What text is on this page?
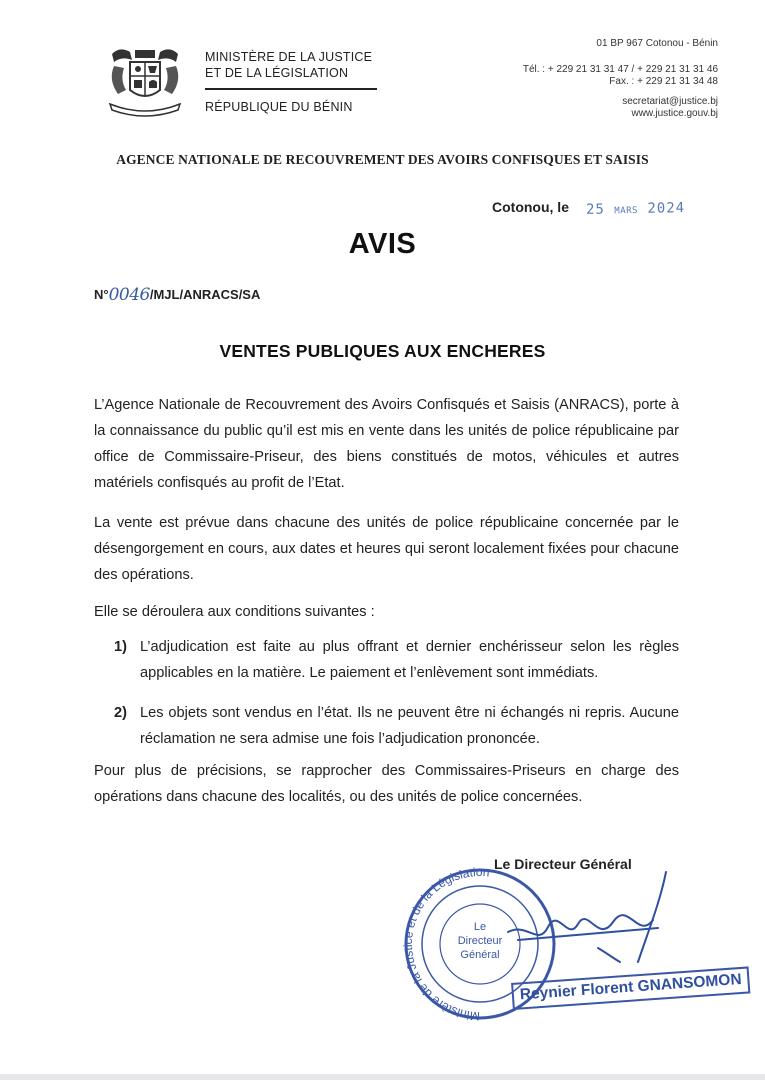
MINISTÈRE DE LA JUSTICE
ET DE LA LÉGISLATION
RÉPUBLIQUE DU BÉNIN
01 BP 967 Cotonou - Bénin
Tél. : + 229 21 31 31 47 / + 229 21 31 31 46
Fax. : + 229 21 31 34 48
secretariat@justice.bj
www.justice.gouv.bj
AGENCE NATIONALE DE RECOUVREMENT DES AVOIRS CONFISQUES ET SAISIS
Cotonou, le 25 MARS 2024
AVIS
N°0046/MJL/ANRACS/SA
VENTES PUBLIQUES AUX ENCHERES
L’Agence Nationale de Recouvrement des Avoirs Confisqués et Saisis (ANRACS), porte à la connaissance du public qu’il est mis en vente dans les unités de police républicaine par office de Commissaire-Priseur, des biens constitués de motos, véhicules et autres matériels confisqués au profit de l’Etat.
La vente est prévue dans chacune des unités de police républicaine concernée par le désengorgement en cours, aux dates et heures qui seront localement fixées pour chacune des opérations.
Elle se déroulera aux conditions suivantes :
1) L’adjudication est faite au plus offrant et dernier enchérisseur selon les règles applicables en la matière. Le paiement et l’enlèvement sont immédiats.
2) Les objets sont vendus en l’état. Ils ne peuvent être ni échangés ni repris. Aucune réclamation ne sera admise une fois l’adjudication prononcée.
Pour plus de précisions, se rapprocher des Commissaires-Priseurs en charge des opérations dans chacune des localités, ou des unités de police concernées.
Le Directeur Général
Ministère de la Justice et de la Législation
Le
Directeur
Général
Reynier Florent GNANSOMON
